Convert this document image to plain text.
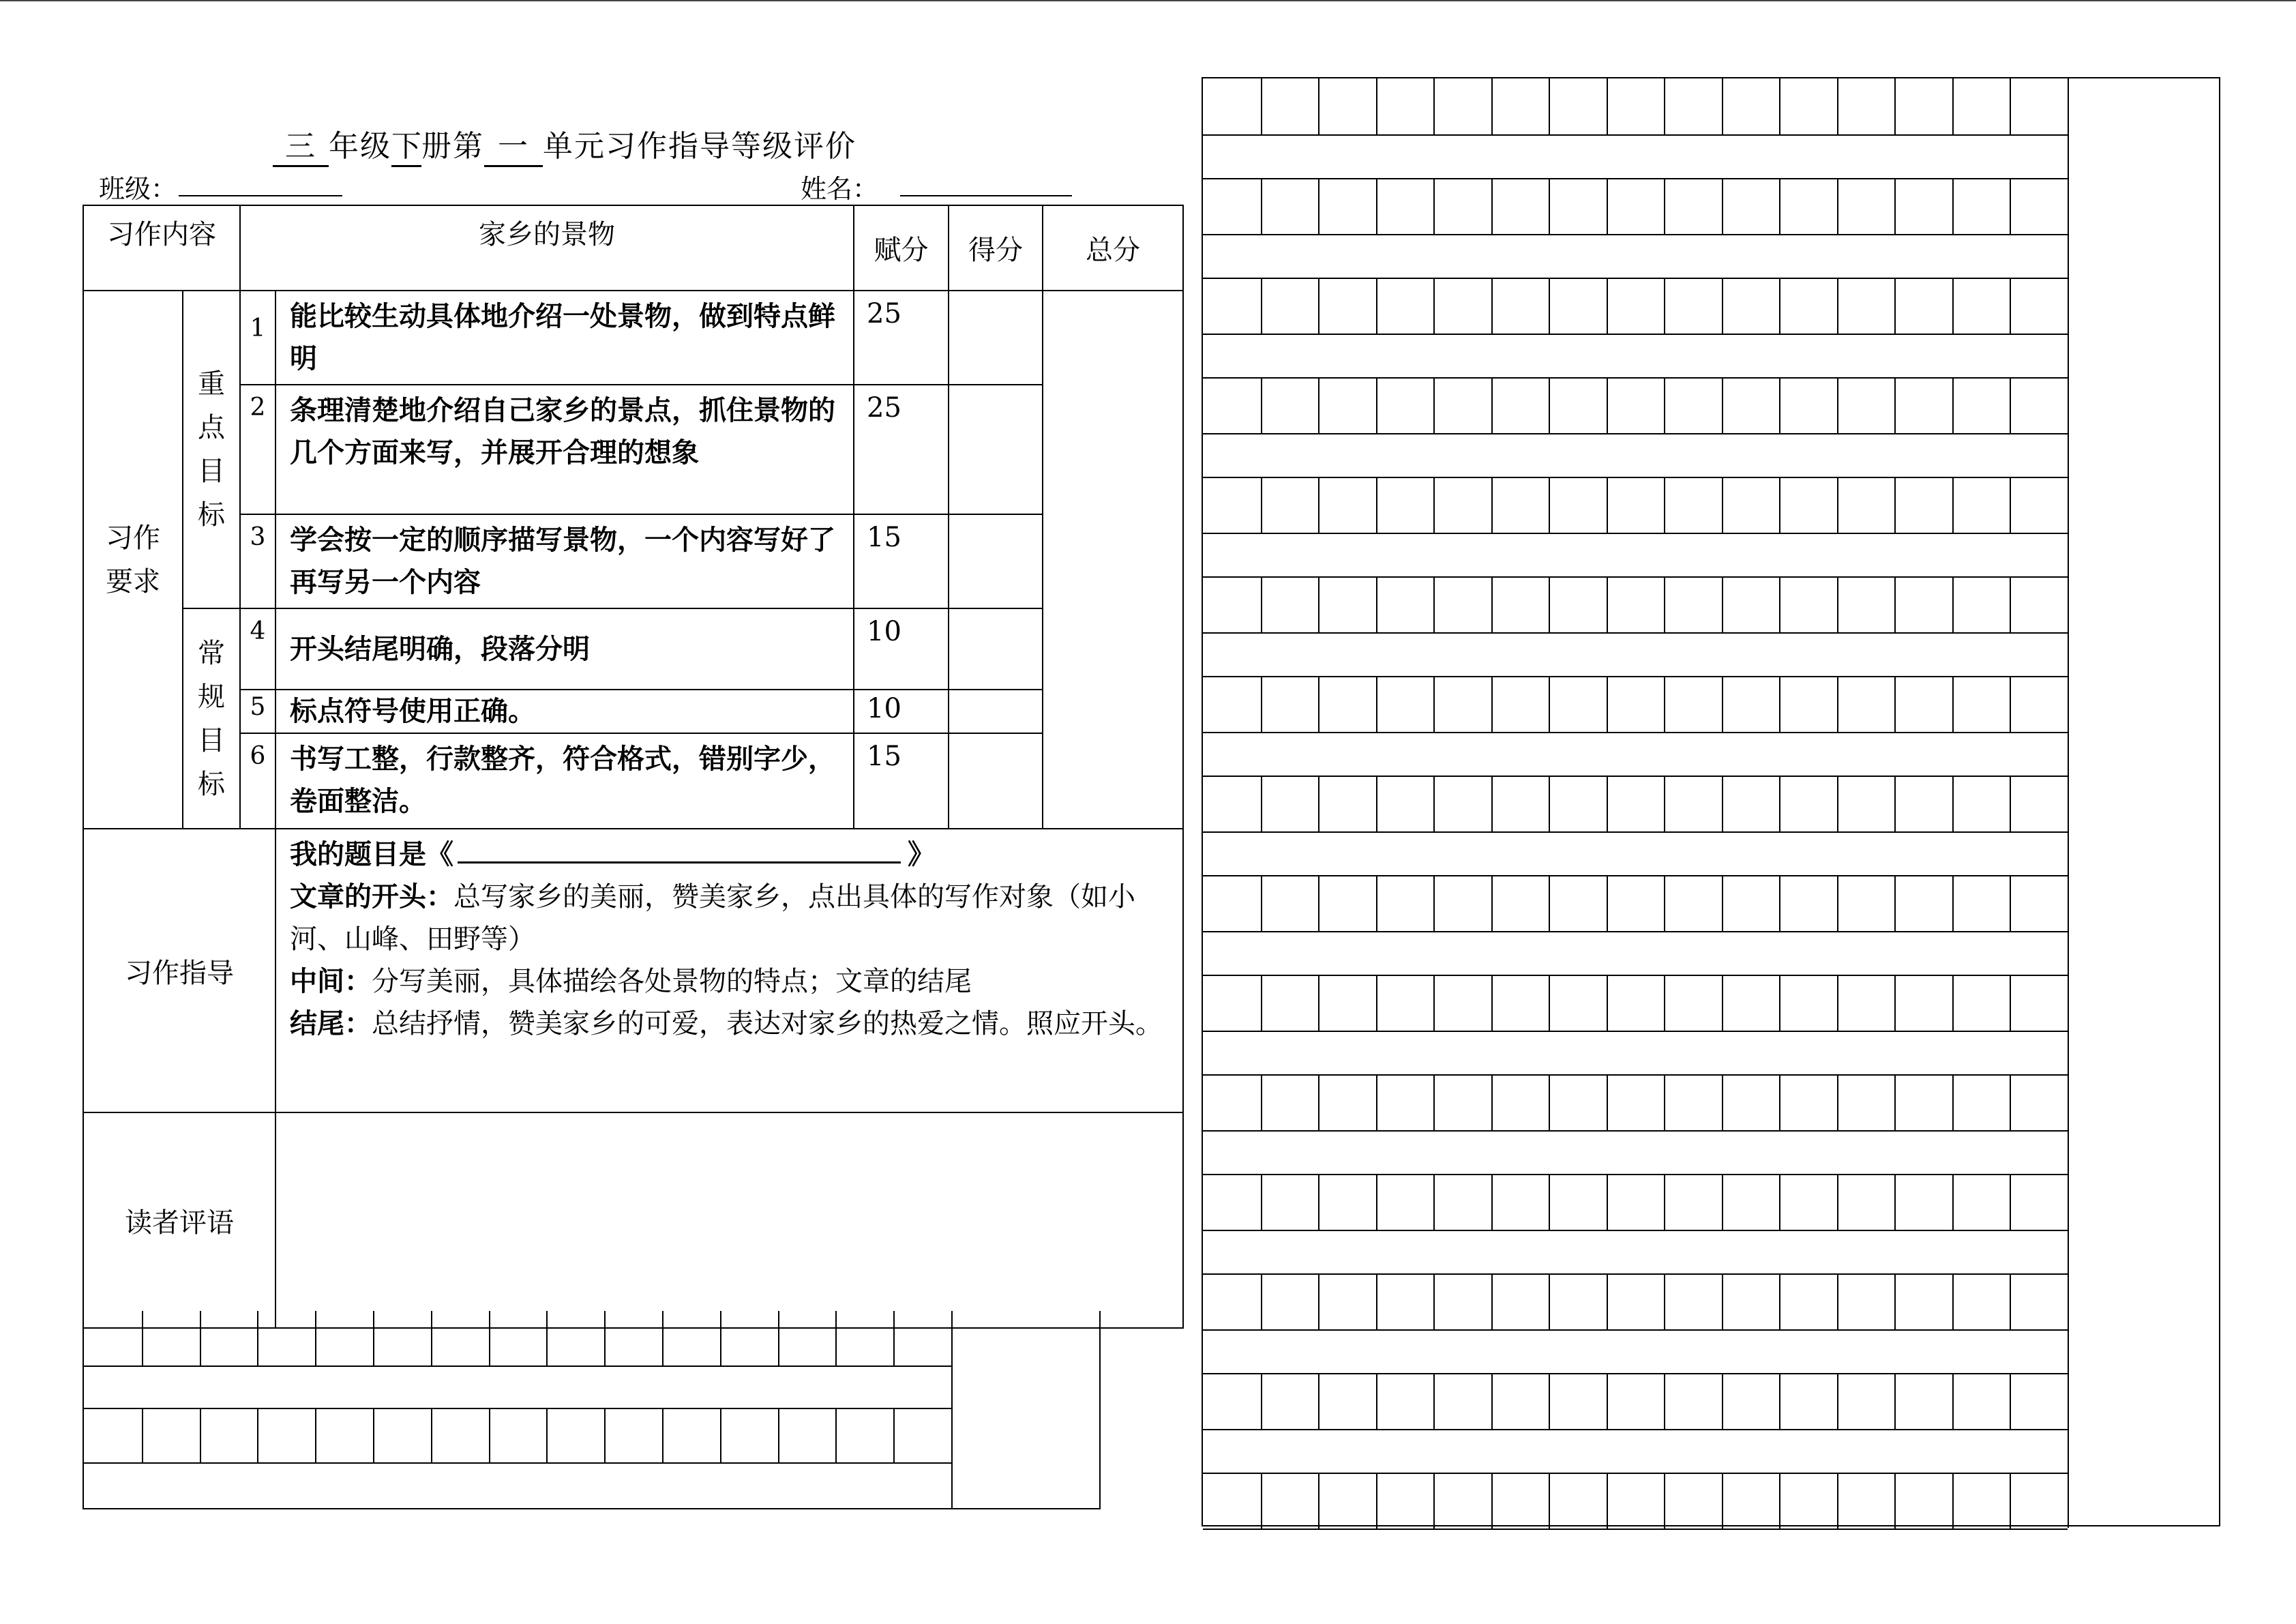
三 年级下册第 一 单元习作指导等级评价
班级：	姓名：
习作内容		家乡的景物		赋分	得分	总分

习作
要求	重
点
目
标	1	能比较生动具体地介绍一处景物，做到特点鲜明	25		
		2	条理清楚地介绍自己家乡的景点，抓住景物的几个方面来写，并展开合理的想象	25		
		3	学会按一定的顺序描写景物，一个内容写好了再写另一个内容	15		

	常
规
目
标	4	开头结尾明确，段落分明	10		
		5	标点符号使用正确。	10		
		6	书写工整，行款整齐，符合格式，错别字少，卷面整洁。	15		
习作指导			我的题目是《 》
文章的开头：总写家乡的美丽，赞美家乡，点出具体的写作对象（如小河、山峰、田野等）
中间：分写美丽，具体描绘各处景物的特点；文章的结尾
结尾：总结抒情，赞美家乡的可爱，表达对家乡的热爱之情。照应开头。			

读者评语						
